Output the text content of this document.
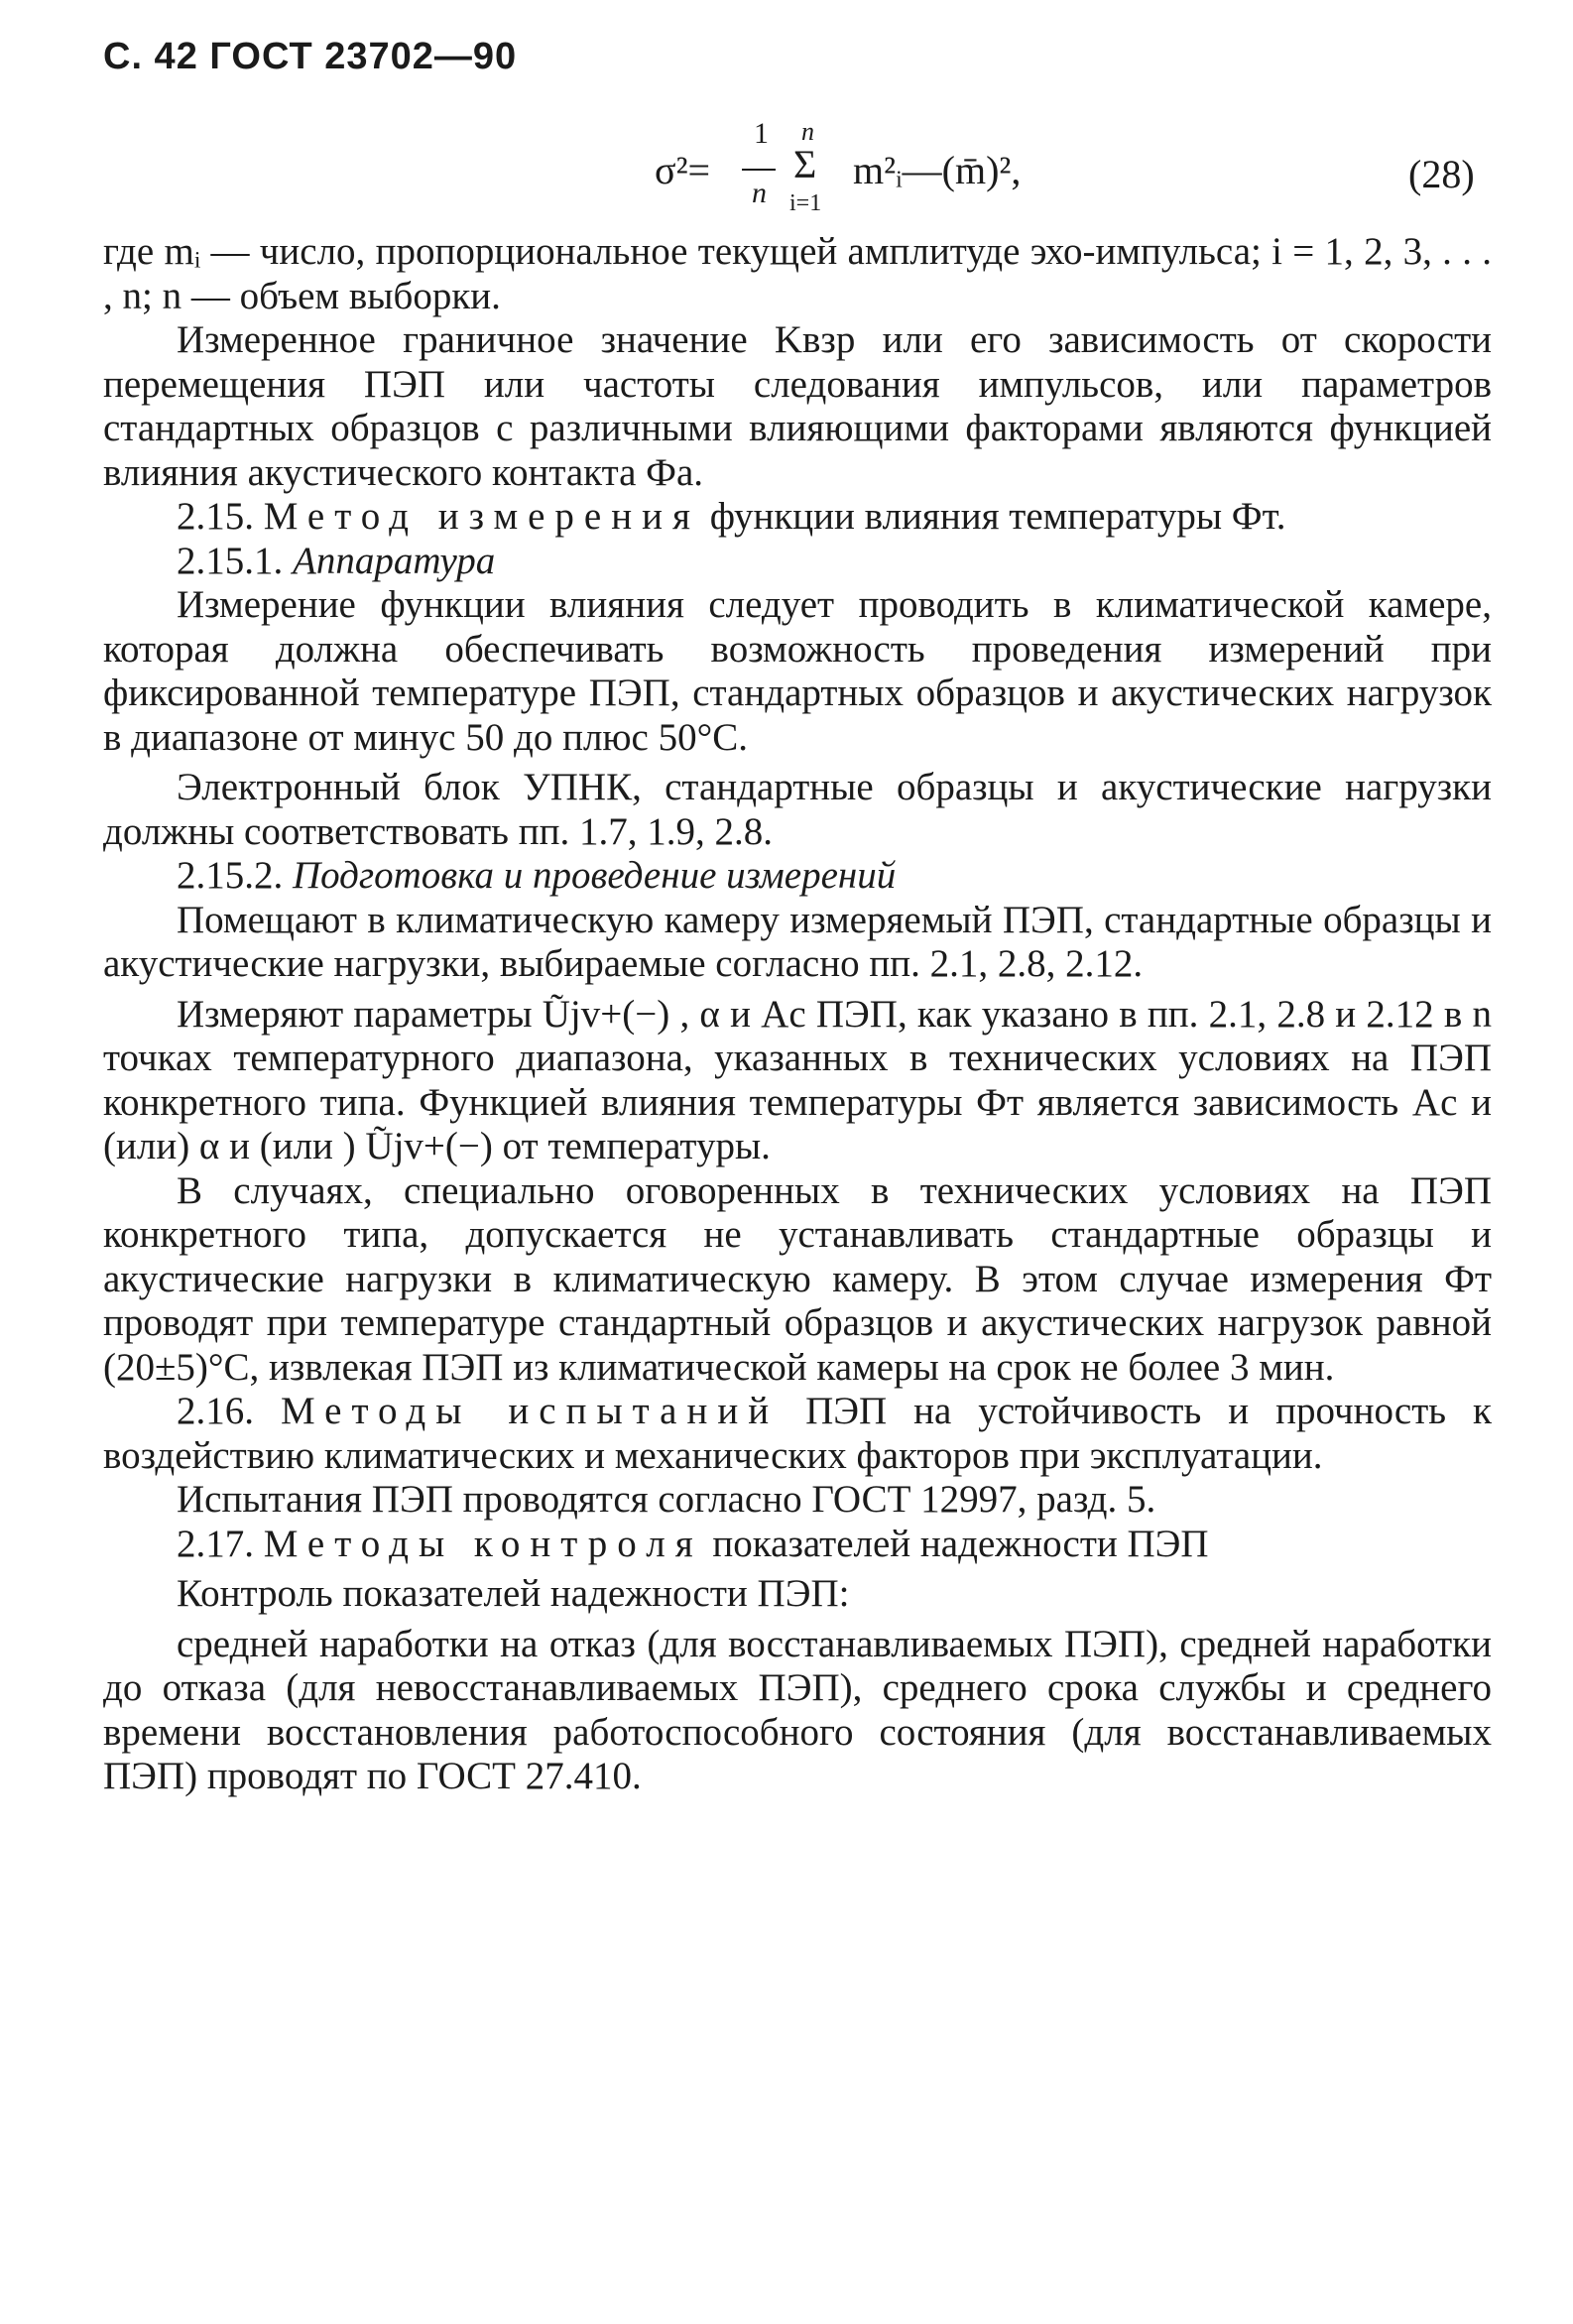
С. 42 ГОСТ 23702—90
σ²=
1
n
n
Σ
i=1
m²ᵢ—(m̄)²,	(28)

где mᵢ — число, пропорциональное текущей амплитуде эхо-импульса; i = 1, 2, 3, . . . , n; n — объем выборки.

Измеренное граничное значение Kвзр или его зависимость от скорости перемещения ПЭП или частоты следования импульсов, или параметров стандартных образцов с различными влияющими факторами являются функцией влияния акустического контакта Фа.

2.15. Метод измерения функции влияния температуры Фт.

2.15.1. Аппаратура

Измерение функции влияния следует проводить в климатической камере, которая должна обеспечивать возможность проведения измерений при фиксированной температуре ПЭП, стандартных образцов и акустических нагрузок в диапазоне от минус 50 до плюс 50°С.

Электронный блок УПНК, стандартные образцы и акустические нагрузки должны соответствовать пп. 1.7, 1.9, 2.8.

2.15.2. Подготовка и проведение измерений

Помещают в климатическую камеру измеряемый ПЭП, стандартные образцы и акустические нагрузки, выбираемые согласно пп. 2.1, 2.8, 2.12.

Измеряют параметры Ũjv+(−) , α и Ac ПЭП, как указано в пп. 2.1, 2.8 и 2.12 в n точках температурного диапазона, указанных в технических условиях на ПЭП конкретного типа. Функцией влияния температуры Фт является зависимость Ac и (или) α и (или ) Ũjv+(−) от температуры.

В случаях, специально оговоренных в технических условиях на ПЭП конкретного типа, допускается не устанавливать стандартные образцы и акустические нагрузки в климатическую камеру. В этом случае измерения Фт проводят при температуре стандартный образцов и акустических нагрузок равной (20±5)°С, извлекая ПЭП из климатической камеры на срок не более 3 мин.

2.16. Методы испытаний ПЭП на устойчивость и прочность к воздействию климатических и механических факторов при эксплуатации.

Испытания ПЭП проводятся согласно ГОСТ 12997, разд. 5.

2.17. Методы контроля показателей надежности ПЭП

Контроль показателей надежности ПЭП:

средней наработки на отказ (для восстанавливаемых ПЭП), средней наработки до отказа (для невосстанавливаемых ПЭП), среднего срока службы и среднего времени восстановления работоспособного состояния (для восстанавливаемых ПЭП) проводят по ГОСТ 27.410.
